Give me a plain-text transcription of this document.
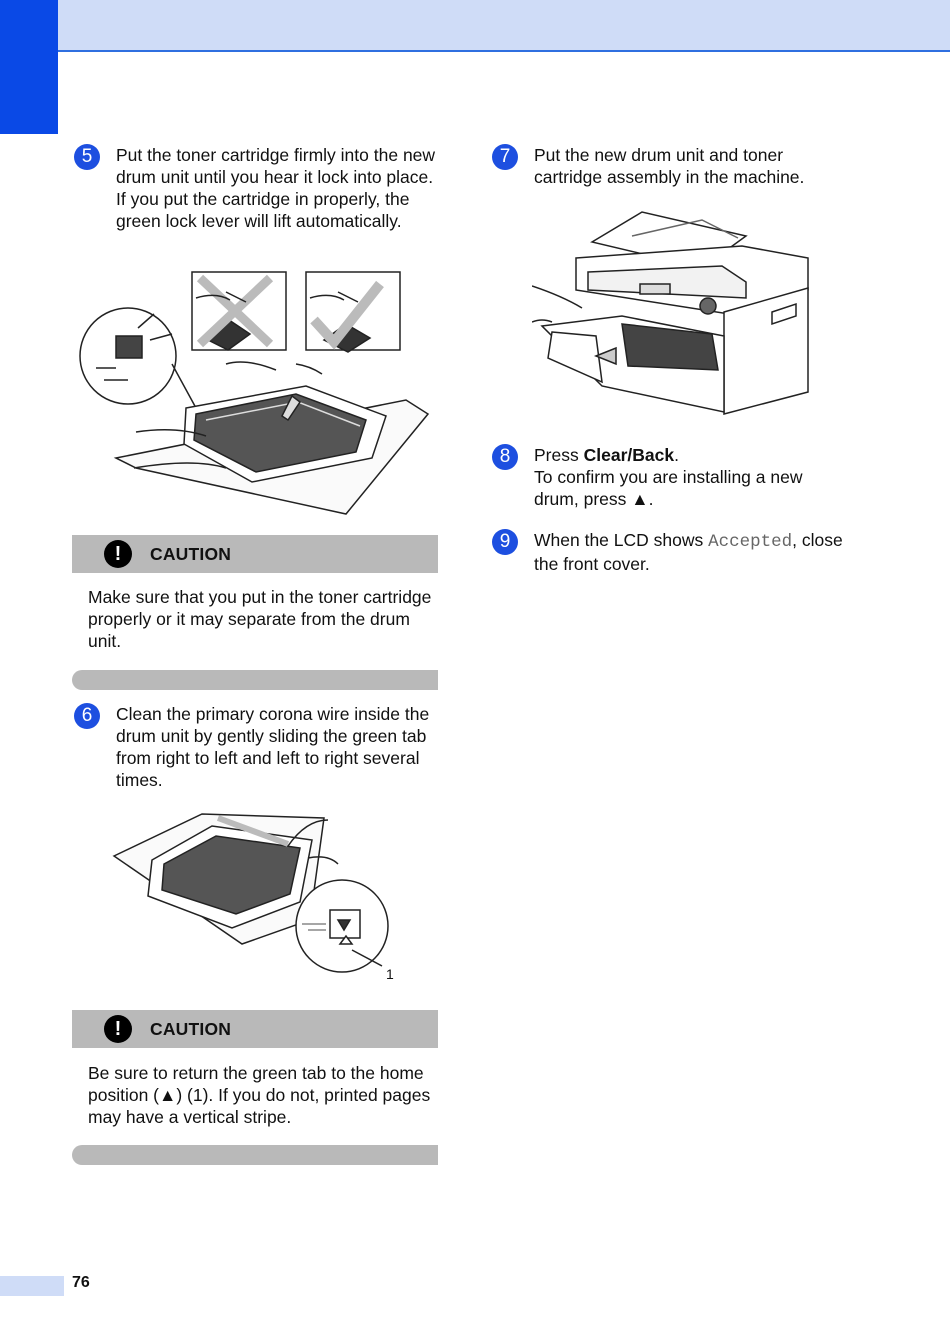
5	Put the toner cartridge firmly into the new drum unit until you hear it lock into place. If you put the cartridge in properly, the green lock lever will lift automatically.
!	CAUTION
Make sure that you put in the toner cartridge properly or it may separate from the drum unit.
6	Clean the primary corona wire inside the drum unit by gently sliding the green tab from right to left and left to right several times.
1
!	CAUTION
Be sure to return the green tab to the home position (▲) (1). If you do not, printed pages may have a vertical stripe.
7	Put the new drum unit and toner cartridge assembly in the machine.
8	Press Clear/Back.

To confirm you are installing a new drum, press ▲.

9	When the LCD shows Accepted, close the front cover.
76
